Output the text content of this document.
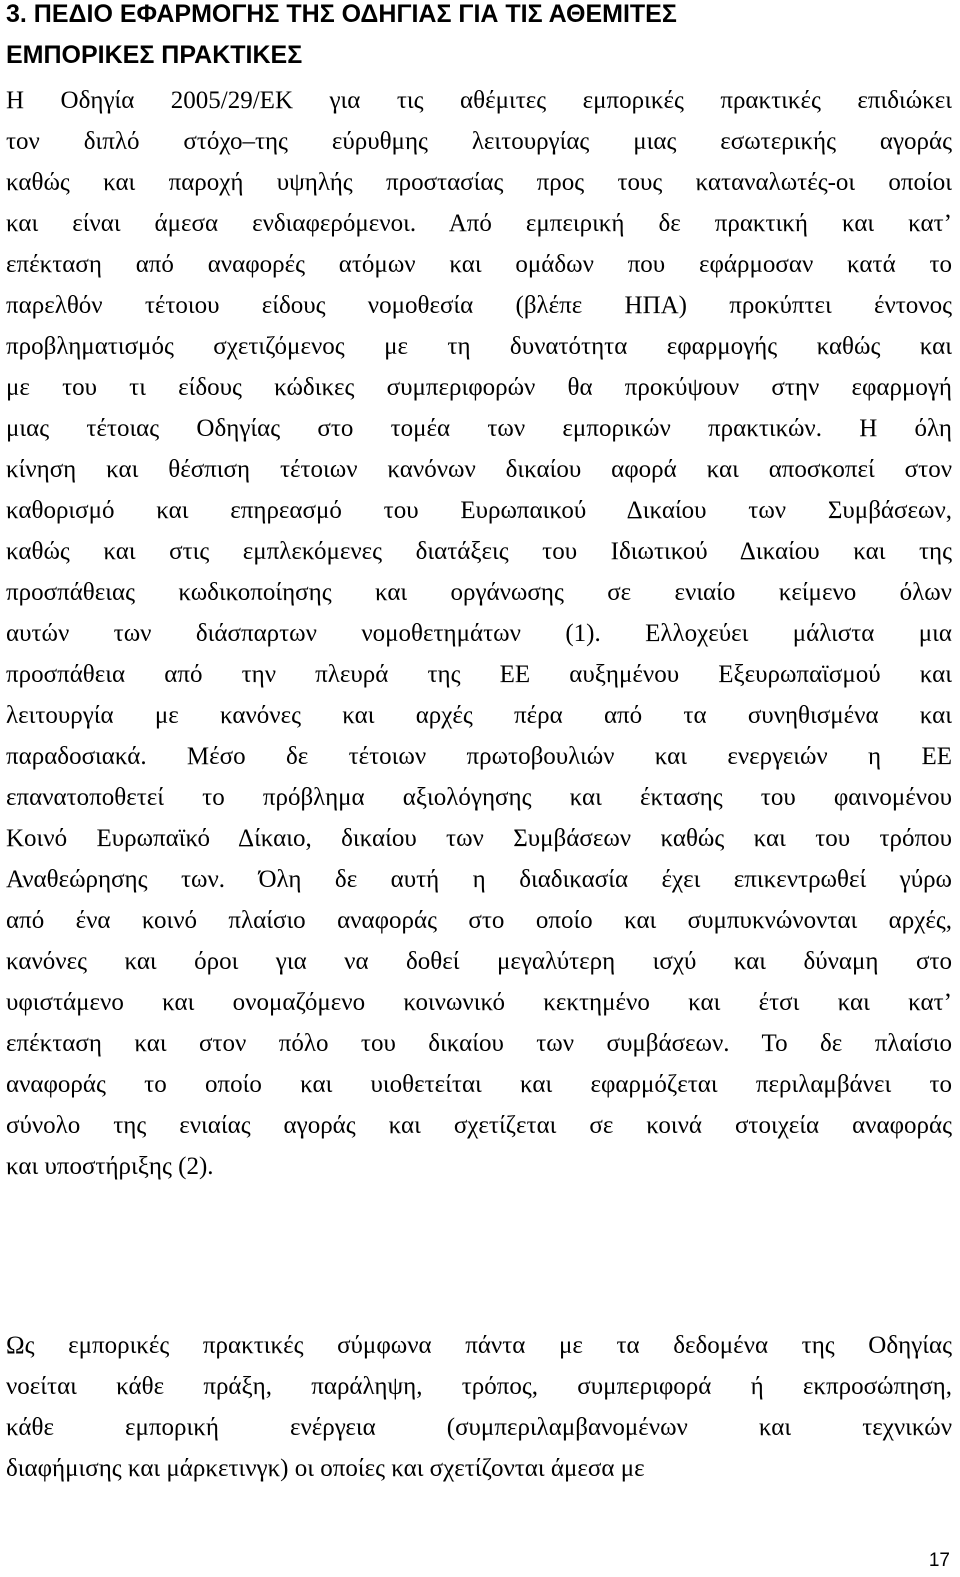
3. ΠΕΔΙΟ ΕΦΑΡΜΟΓΗΣ ΤΗΣ ΟΔΗΓΙΑΣ ΓΙΑ ΤΙΣ ΑΘΕΜΙΤΕΣ
ΕΜΠΟΡΙΚΕΣ ΠΡΑΚΤΙΚΕΣ
Η Οδηγία 2005/29/ΕΚ για τις αθέμιτες εμπορικές πρακτικές επιδιώκει
τον διπλό στόχο–της εύρυθμης λειτουργίας μιας εσωτερικής αγοράς
καθώς και παροχή υψηλής προστασίας προς τους καταναλωτές-οι οποίοι
και είναι άμεσα ενδιαφερόμενοι. Από εμπειρική δε πρακτική και κατ’
επέκταση από αναφορές ατόμων και ομάδων που εφάρμοσαν κατά το
παρελθόν τέτοιου είδους νομοθεσία (βλέπε ΗΠΑ) προκύπτει έντονος
προβληματισμός σχετιζόμενος με τη δυνατότητα εφαρμογής καθώς και
με του τι είδους κώδικες συμπεριφορών θα προκύψουν στην εφαρμογή
μιας τέτοιας Οδηγίας στο τομέα των εμπορικών πρακτικών. Η όλη
κίνηση και θέσπιση τέτοιων κανόνων δικαίου αφορά και αποσκοπεί στον
καθορισμό και επηρεασμό του Ευρωπαικού Δικαίου των Συμβάσεων,
καθώς και στις εμπλεκόμενες διατάξεις του Ιδιωτικού Δικαίου και της
προσπάθειας κωδικοποίησης και οργάνωσης σε ενιαίο κείμενο όλων
αυτών των διάσπαρτων νομοθετημάτων (1). Ελλοχεύει μάλιστα μια
προσπάθεια από την πλευρά της ΕΕ αυξημένου Εξευρωπαϊσμού και
λειτουργία με κανόνες και αρχές πέρα από τα συνηθισμένα και
παραδοσιακά. Μέσο δε τέτοιων πρωτοβουλιών και ενεργειών η ΕΕ
επανατοποθετεί το πρόβλημα αξιολόγησης και έκτασης του φαινομένου
Κοινό Ευρωπαϊκό Δίκαιο, δικαίου των Συμβάσεων καθώς και του τρόπου
Αναθεώρησης των. Όλη δε αυτή η διαδικασία έχει επικεντρωθεί γύρω
από ένα κοινό πλαίσιο αναφοράς στο οποίο και συμπυκνώνονται αρχές,
κανόνες και όροι για να δοθεί μεγαλύτερη ισχύ και δύναμη στο
υφιστάμενο και ονομαζόμενο κοινωνικό κεκτημένο και έτσι και κατ’
επέκταση και στον πόλο του δικαίου των συμβάσεων. Το δε πλαίσιο
αναφοράς το οποίο και υιοθετείται και εφαρμόζεται περιλαμβάνει το
σύνολο της ενιαίας αγοράς και σχετίζεται σε κοινά στοιχεία αναφοράς
και υποστήριξης (2).
Ως εμπορικές πρακτικές σύμφωνα πάντα με τα δεδομένα της Οδηγίας
νοείται κάθε πράξη, παράληψη, τρόπος, συμπεριφορά ή εκπροσώπηση,
κάθε εμπορική ενέργεια (συμπεριλαμβανομένων και τεχνικών
διαφήμισης και μάρκετινγκ) οι οποίες και σχετίζονται άμεσα με
17
